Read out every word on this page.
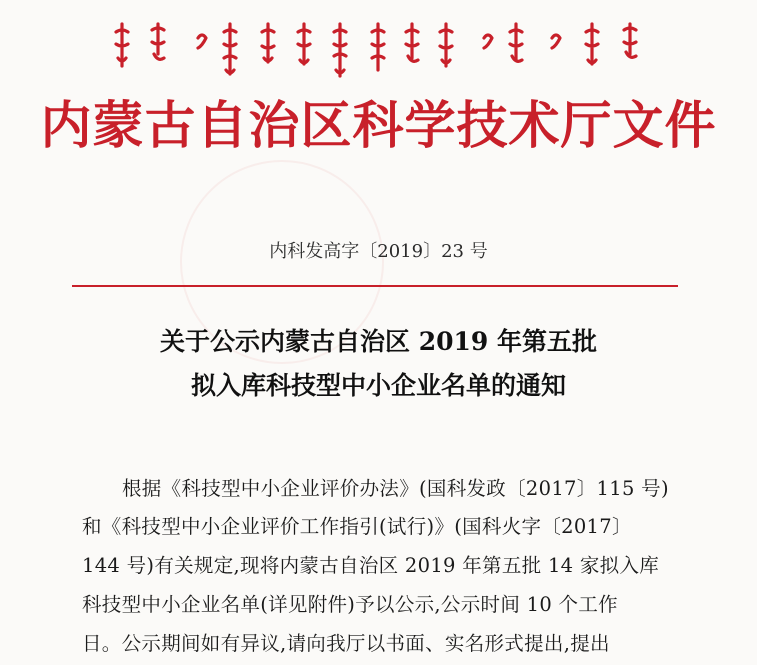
内蒙古自治区科学技术厅文件
内科发高字〔2019〕23 号
关于公示内蒙古自治区 2019 年第五批
拟入库科技型中小企业名单的通知
根据《科技型中小企业评价办法》(国科发政〔2017〕115 号)
和《科技型中小企业评价工作指引(试行)》(国科火字〔2017〕
144 号)有关规定,现将内蒙古自治区 2019 年第五批 14 家拟入库
科技型中小企业名单(详见附件)予以公示,公示时间 10 个工作
日。公示期间如有异议,请向我厅以书面、实名形式提出,提出
